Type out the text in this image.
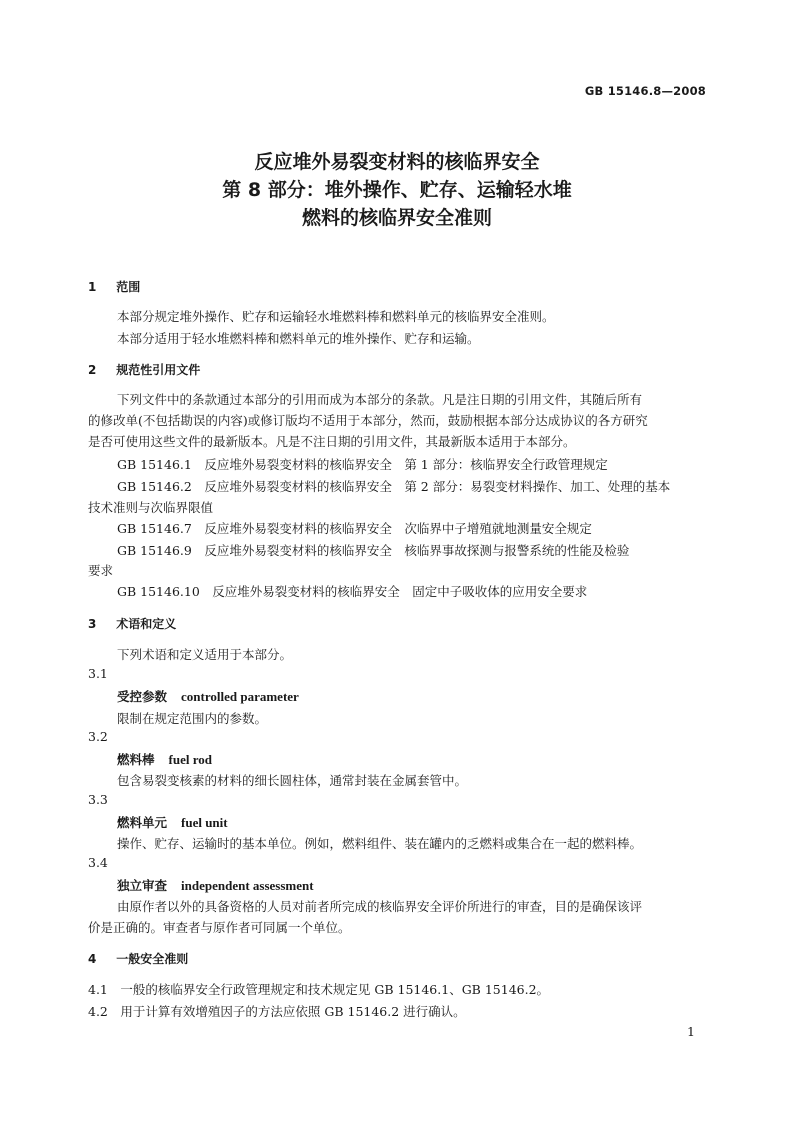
GB 15146.8—2008
反应堆外易裂变材料的核临界安全
第 8 部分：堆外操作、贮存、运输轻水堆
燃料的核临界安全准则
1 范围
本部分规定堆外操作、贮存和运输轻水堆燃料棒和燃料单元的核临界安全准则。
本部分适用于轻水堆燃料棒和燃料单元的堆外操作、贮存和运输。
2 规范性引用文件
下列文件中的条款通过本部分的引用而成为本部分的条款。凡是注日期的引用文件，其随后所有
的修改单(不包括勘误的内容)或修订版均不适用于本部分，然而，鼓励根据本部分达成协议的各方研究
是否可使用这些文件的最新版本。凡是不注日期的引用文件，其最新版本适用于本部分。
GB 15146.1　反应堆外易裂变材料的核临界安全　第 1 部分：核临界安全行政管理规定
GB 15146.2　反应堆外易裂变材料的核临界安全　第 2 部分：易裂变材料操作、加工、处理的基本
技术准则与次临界限值
GB 15146.7　反应堆外易裂变材料的核临界安全　次临界中子增殖就地测量安全规定
GB 15146.9　反应堆外易裂变材料的核临界安全　核临界事故探测与报警系统的性能及检验
要求
GB 15146.10　反应堆外易裂变材料的核临界安全　固定中子吸收体的应用安全要求
3 术语和定义
下列术语和定义适用于本部分。
3.1
受控参数 controlled parameter
限制在规定范围内的参数。
3.2
燃料棒 fuel rod
包含易裂变核素的材料的细长圆柱体，通常封装在金属套管中。
3.3
燃料单元 fuel unit
操作、贮存、运输时的基本单位。例如，燃料组件、装在罐内的乏燃料或集合在一起的燃料棒。
3.4
独立审查 independent assessment
由原作者以外的具备资格的人员对前者所完成的核临界安全评价所进行的审查，目的是确保该评
价是正确的。审查者与原作者可同属一个单位。
4 一般安全准则
4.1　一般的核临界安全行政管理规定和技术规定见 GB 15146.1、GB 15146.2。
4.2　用于计算有效增殖因子的方法应依照 GB 15146.2 进行确认。
1
